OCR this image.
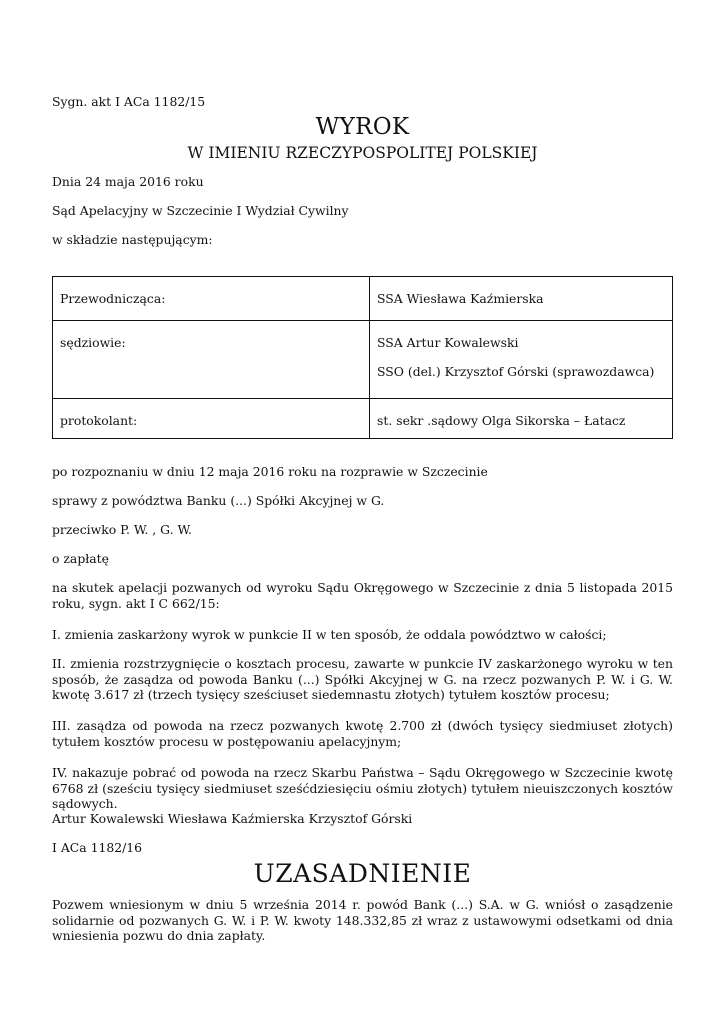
Sygn. akt I ACa 1182/15
WYROK
W IMIENIU RZECZYPOSPOLITEJ POLSKIEJ
Dnia 24 maja 2016 roku
Sąd Apelacyjny w Szczecinie I Wydział Cywilny
w składzie następującym:
Przewodnicząca:	SSA Wiesława Kaźmierska

sędziowie:	SSA Artur Kowalewski
SSO (del.) Krzysztof Górski (sprawozdawca)

protokolant:	st. sekr .sądowy Olga Sikorska – Łatacz
po rozpoznaniu w dniu 12 maja 2016 roku na rozprawie w Szczecinie
sprawy z powództwa Banku (...) Spółki Akcyjnej w G.
przeciwko P. W. , G. W.
o zapłatę
na skutek apelacji pozwanych od wyroku Sądu Okręgowego w Szczecinie z dnia 5 listopada 2015 roku, sygn. akt I C 662/15:
I. zmienia zaskarżony wyrok w punkcie II w ten sposób, że oddala powództwo w całości;
II. zmienia rozstrzygnięcie o kosztach procesu, zawarte w punkcie IV zaskarżonego wyroku w ten sposób, że zasądza od powoda Banku (...) Spółki Akcyjnej w G. na rzecz pozwanych P. W. i G. W. kwotę 3.617 zł (trzech tysięcy sześciuset siedemnastu złotych) tytułem kosztów procesu;
III. zasądza od powoda na rzecz pozwanych kwotę 2.700 zł (dwóch tysięcy siedmiuset złotych) tytułem kosztów procesu w postępowaniu apelacyjnym;
IV. nakazuje pobrać od powoda na rzecz Skarbu Państwa – Sądu Okręgowego w Szczecinie kwotę 6768 zł (sześciu tysięcy siedmiuset sześćdziesięciu ośmiu złotych) tytułem nieuiszczonych kosztów sądowych.
Artur Kowalewski Wiesława Kaźmierska Krzysztof Górski
I ACa 1182/16
UZASADNIENIE
Pozwem wniesionym w dniu 5 września 2014 r. powód Bank (...) S.A. w G. wniósł o zasądzenie solidarnie od pozwanych G. W. i P. W. kwoty 148.332,85 zł wraz z ustawowymi odsetkami od dnia wniesienia pozwu do dnia zapłaty.
